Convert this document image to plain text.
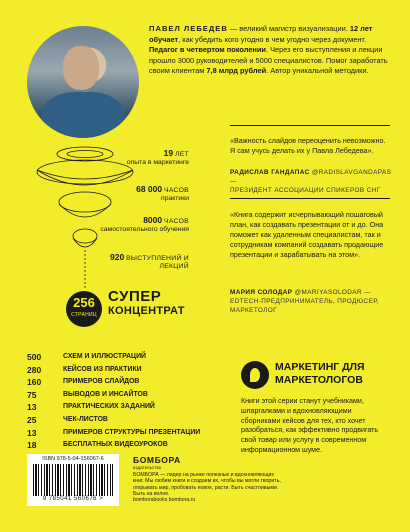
ПАВЕЛ ЛЕБЕДЕВ — великий магистр визуализации. 12 лет обучает, как убедить кого угодно в чем угодно через документ. Педагог в четвертом поколении. Через его выступления и лекции прошло 3000 руководителей и 5000 специалистов. Помог заработать своим клиентам 7,8 млрд рублей. Автор уникальной методики.
19 ЛЕТ
опыта в маркетинге
68 000 ЧАСОВ
практики
8000 ЧАСОВ
самостоятельного обучения
920 ВЫСТУПЛЕНИЙ И ЛЕКЦИЙ

«Важность слайдов переоценить невозможно. Я сам учусь делать их у Павла Лебедева».
РАДИСЛАВ ГАНДАПАС @RADISLAVGANDAPAS —
ПРЕЗИДЕНТ АССОЦИАЦИИ СПИКЕРОВ СНГ
«Книга содержит исчерпывающий пошаговый план, как создавать презентации от и до. Она поможет как удаленным специалистам, так и сотрудникам компаний создавать продающие презентации и зарабатывать на этом».
МАРИЯ СОЛОДАР @MARIYASOLODAR —
EDTECH-ПРЕДПРИНИМАТЕЛЬ, ПРОДЮСЕР, МАРКЕТОЛОГ
256
СТРАНИЦ
СУПЕР
КОНЦЕНТРАТ
500	СХЕМ И ИЛЛЮСТРАЦИЙ
280	КЕЙСОВ ИЗ ПРАКТИКИ
160	ПРИМЕРОВ СЛАЙДОВ
75	ВЫВОДОВ И ИНСАЙТОВ
13	ПРАКТИЧЕСКИХ ЗАДАНИЙ
25	ЧЕК-ЛИСТОВ
13	ПРИМЕРОВ СТРУКТУРЫ ПРЕЗЕНТАЦИИ
18	БЕСПЛАТНЫХ ВИДЕОУРОКОВ
МАРКЕТИНГ ДЛЯ
МАРКЕТОЛОГОВ
Книги этой серии станут учебниками, шпаргалками и вдохновляющими сборниками кейсов для тех, кто хочет разобраться, как эффективно продвигать свой товар или услугу в современном информационном шуме.
ISBN 978-5-04-156067-6
9 785041 560676 >
БОМБОРА
издательство
БОМБОРА — лидер на рынке полезных и вдохновляющих книг. Мы любим книги и создаем их, чтобы вы могли творить, открывать мир, пробовать новое, расти. Быть счастливыми. Быть на волне.
bomborabooks bombora.ru
